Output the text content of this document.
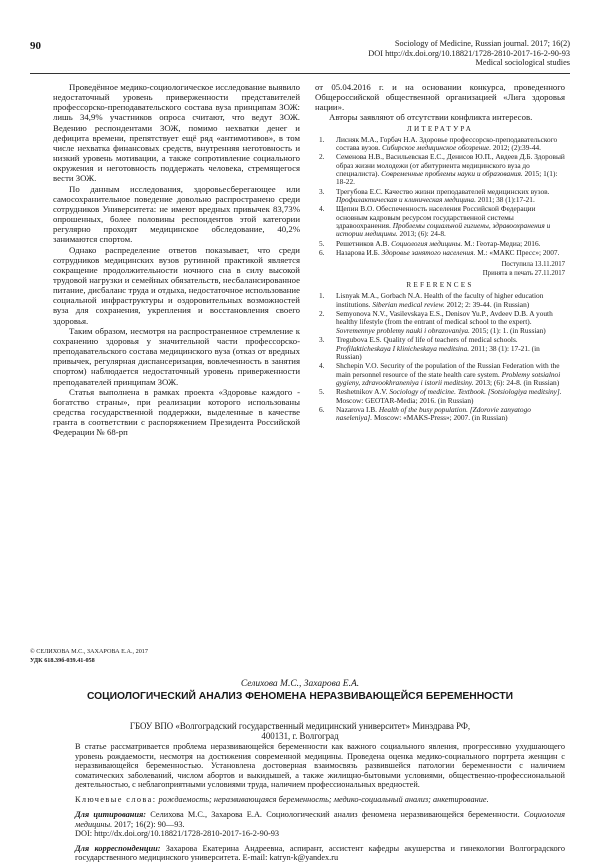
90	Sociology of Medicine, Russian journal. 2017; 16(2)
DOI http://dx.doi.org/10.18821/1728-2810-2017-16-2-90-93
Medical sociological studies

Проведённое медико-социологическое исследование выявило недостаточный уровень приверженности представителей профессорско-преподавательского состава вуза принципам ЗОЖ: лишь 34,9% участников опроса считают, что ведут ЗОЖ. Ведению респондентами ЗОЖ, помимо нехватки денег и дефицита времени, препятствует ещё ряд «антимотивов», в том числе нехватка финансовых средств, внутренняя неготовность и низкий уровень мотивации, а также сопротивление социального окружения и неготовность поддержать человека, стремящегося вести ЗОЖ.

По данным исследования, здоровьесберегающее или самосохранительное поведение довольно распространено среди сотрудников Университета: не имеют вредных привычек 83,73% опрошенных, более половины респондентов этой категории регулярно проходят медицинское обследование, 40,2% занимаются спортом.

Однако распределение ответов показывает, что среди сотрудников медицинских вузов рутинной практикой является сокращение продолжительности ночного сна в силу высокой трудовой нагрузки и семейных обязательств, несбалансированное питание, дисбаланс труда и отдыха, недостаточное использование социальной инфраструктуры и оздоровительных возможностей вуза для сохранения, укрепления и восстановления своего здоровья.

Таким образом, несмотря на распространенное стремление к сохранению здоровья у значительной части профессорско-преподавательского состава медицинского вуза (отказ от вредных привычек, регулярная диспансеризация, вовлеченность в занятия спортом) наблюдается недостаточный уровень приверженности преподавателей принципам ЗОЖ.

Статья выполнена в рамках проекта «Здоровье каждого - богатство страны», при реализации которого использованы средства государственной поддержки, выделенные в качестве гранта в соответствии с распоряжением Президента Российской Федерации № 68-рп

от 05.04.2016 г. и на основании конкурса, проведенного Общероссийской общественной организацией «Лига здоровья нации».

Авторы заявляют об отсутствии конфликта интересов.

ЛИТЕРАТУРА
1. Лисняк М.А., Горбач Н.А. Здоровье профессорско-преподавательского состава вузов. Сибирское медицинское обозрение. 2012; (2):39-44.
2. Семенова Н.В., Васильевская Е.С., Денисов Ю.П., Авдеев Д.Б. Здоровый образ жизни молодежи (от абитуриента медицинского вуза до специалиста). Современные проблемы науки и образования. 2015; 1(1): 18-22.
3. Трегубова Е.С. Качество жизни преподавателей медицинских вузов. Профилактическая и клиническая медицина. 2011; 38 (1):17-21.
4. Щепин В.О. Обеспеченность населения Российской Федерации основным кадровым ресурсом государственной системы здравоохранения. Проблемы социальной гигиены, здравоохранения и истории медицины. 2013; (6): 24-8.
5. Решетников А.В. Социология медицины. М.: Геотар-Медиа; 2016.
6. Назарова И.Б. Здоровье занятого населения. М.: «МАКС Пресс»; 2007.
Поступила 13.11.2017
Принята в печать 27.11.2017
REFERENCES
1. Lisnyak M.A., Gorbach N.A. Health of the faculty of higher education institutions. Siberian medical review. 2012; 2: 39-44. (in Russian)
2. Semyonova N.V., Vasilevskaya E.S., Denisov Yu.P., Avdeev D.B. A youth healthy lifestyle (from the entrant of medical school to the expert). Sovremennye problemy nauki i obrazovaniya. 2015; (1): 1. (in Russian)
3. Tregubova E.S. Quality of life of teachers of medical schools. Profilakticheskaya I klinicheskaya meditsina. 2011; 38 (1): 17-21. (in Russian)
4. Shchepin V.O. Security of the population of the Russian Federation with the main personnel resource of the state health care system. Problemy sotsialnoi gygieny, zdravookhraneniya i istorii meditsiny. 2013; (6): 24-8. (in Russian)
5. Reshetnikov A.V. Sociology of medicine. Textbook. [Sotsiologiya meditsiny]. Moscow: GEOTAR-Media; 2016. (in Russian)
6. Nazarova I.B. Health of the busy population. [Zdorovie zanyatogo naseleniya]. Moscow: «MAKS-Press»; 2007. (in Russian)
© СЕЛИХОВА М.С., ЗАХАРОВА Е.А., 2017
УДК 618.39б-039.41-058
Селихова М.С., Захарова Е.А.
СОЦИОЛОГИЧЕСКИЙ АНАЛИЗ ФЕНОМЕНА НЕРАЗВИВАЮЩЕЙСЯ БЕРЕМЕННОСТИ
ГБОУ ВПО «Волгоградский государственный медицинский университет» Минздрава РФ,
400131, г. Волгоград

В статье рассматривается проблема неразвивающейся беременности как важного социального явления, прогрессивно ухудшающего уровень рождаемости, несмотря на достижения современной медицины. Проведена оценка медико-социального портрета женщин с неразвивающейся беременностью. Установлена достоверная взаимосвязь развившейся патологии беременности с наличием соматических заболеваний, числом абортов и выкидышей, а также жилищно-бытовыми условиями, общественно-профессиональной деятельностью, с неблагоприятными условиями труда, наличием профессиональных вредностей.

Ключевые слова: рождаемость; неразвивающаяся беременность; медико-социальный анализ; анкетирование.

Для цитирования: Селихова М.С., Захарова Е.А. Социологический анализ феномена неразвивающейся беременности. Социология медицины. 2017; 16(2): 90—93.
DOI: http://dx.doi.org/10.18821/1728-2810-2017-16-2-90-93

Для корреспонденции: Захарова Екатерина Андреевна, аспирант, ассистент кафедры акушерства и гинекологии Волгоградского государственного медицинского университета. E-mail: katryn-k@yandex.ru
